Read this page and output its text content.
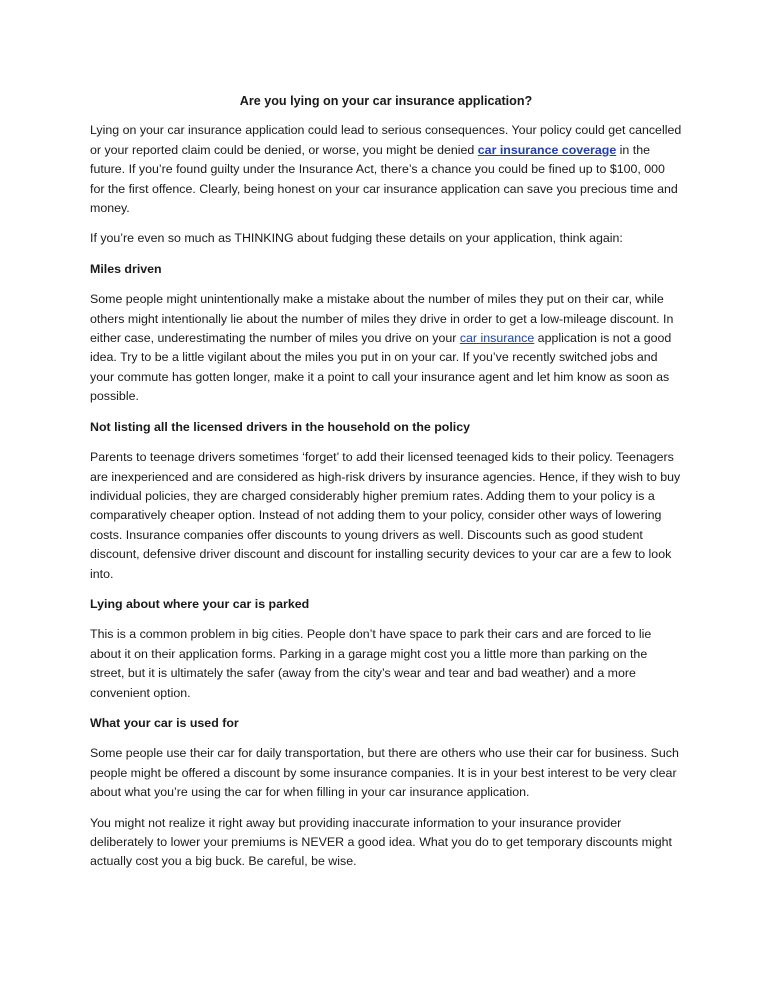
Are you lying on your car insurance application?

Lying on your car insurance application could lead to serious consequences. Your policy could get cancelled or your reported claim could be denied, or worse, you might be denied car insurance coverage in the future. If you’re found guilty under the Insurance Act, there’s a chance you could be fined up to $100, 000 for the first offence. Clearly, being honest on your car insurance application can save you precious time and money.

If you’re even so much as THINKING about fudging these details on your application, think again:

Miles driven

Some people might unintentionally make a mistake about the number of miles they put on their car, while others might intentionally lie about the number of miles they drive in order to get a low-mileage discount. In either case, underestimating the number of miles you drive on your car insurance application is not a good idea. Try to be a little vigilant about the miles you put in on your car. If you’ve recently switched jobs and your commute has gotten longer, make it a point to call your insurance agent and let him know as soon as possible.

Not listing all the licensed drivers in the household on the policy

Parents to teenage drivers sometimes ‘forget’ to add their licensed teenaged kids to their policy. Teenagers are inexperienced and are considered as high-risk drivers by insurance agencies. Hence, if they wish to buy individual policies, they are charged considerably higher premium rates. Adding them to your policy is a comparatively cheaper option. Instead of not adding them to your policy, consider other ways of lowering costs. Insurance companies offer discounts to young drivers as well. Discounts such as good student discount, defensive driver discount and discount for installing security devices to your car are a few to look into.

Lying about where your car is parked

This is a common problem in big cities. People don’t have space to park their cars and are forced to lie about it on their application forms. Parking in a garage might cost you a little more than parking on the street, but it is ultimately the safer (away from the city’s wear and tear and bad weather) and a more convenient option.

What your car is used for

Some people use their car for daily transportation, but there are others who use their car for business. Such people might be offered a discount by some insurance companies. It is in your best interest to be very clear about what you’re using the car for when filling in your car insurance application.

You might not realize it right away but providing inaccurate information to your insurance provider deliberately to lower your premiums is NEVER a good idea. What you do to get temporary discounts might actually cost you a big buck. Be careful, be wise.
